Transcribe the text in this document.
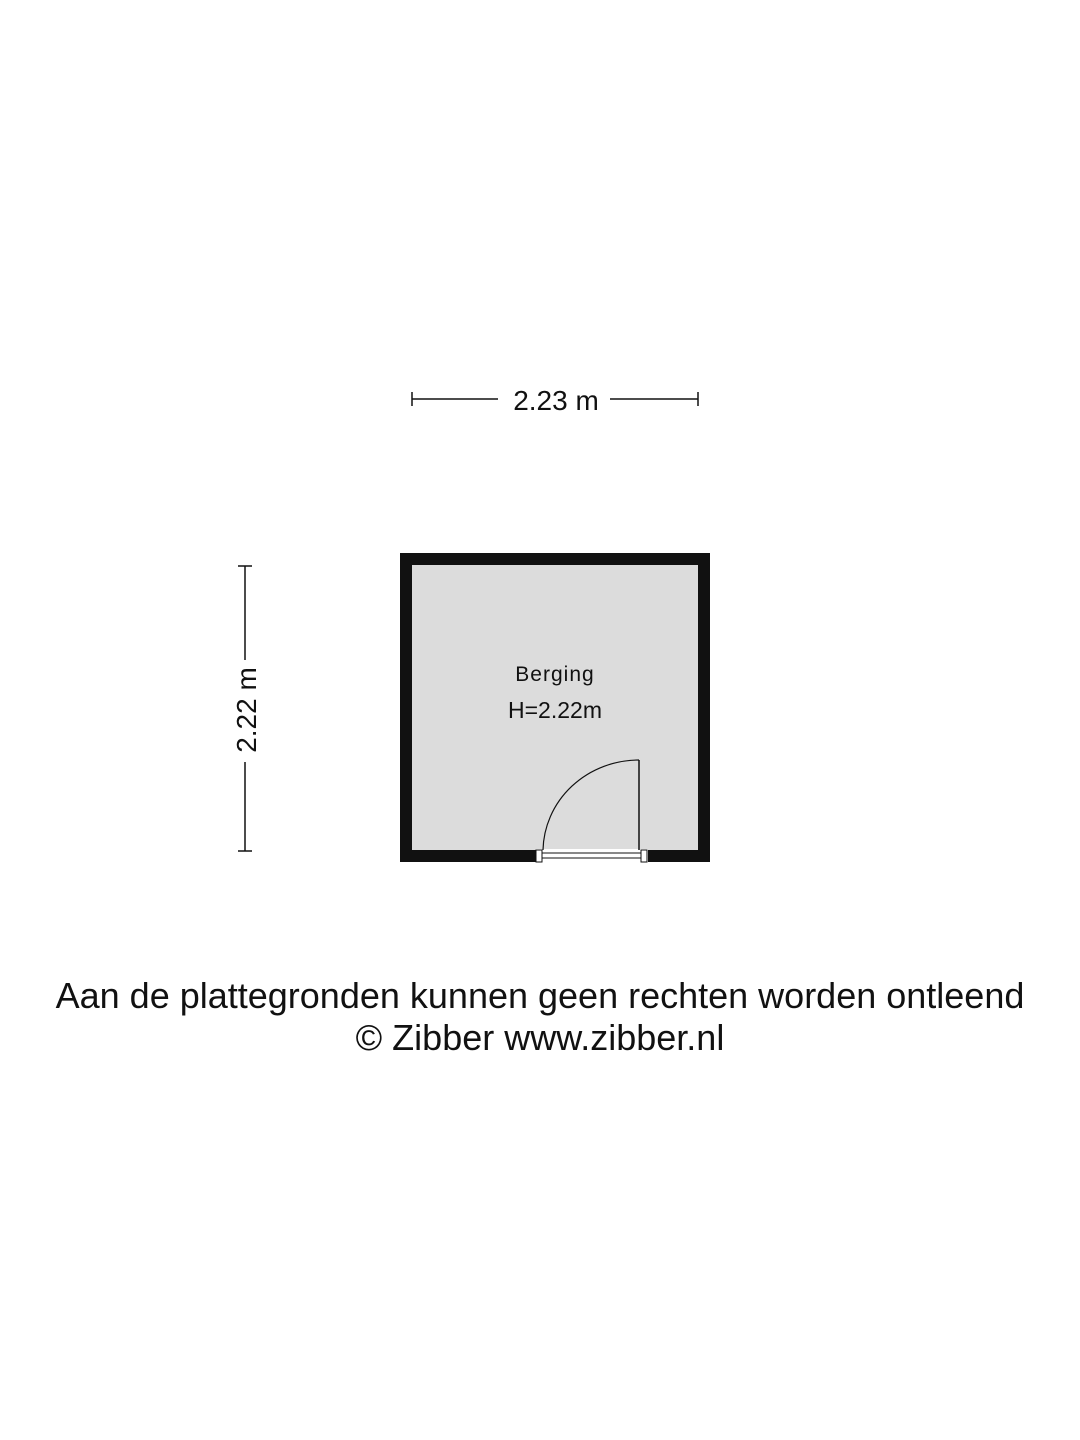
2.23 m
2.22 m	Berging
H=2.22m
Aan de plattegronden kunnen geen rechten worden ontleend
© Zibber www.zibber.nl
